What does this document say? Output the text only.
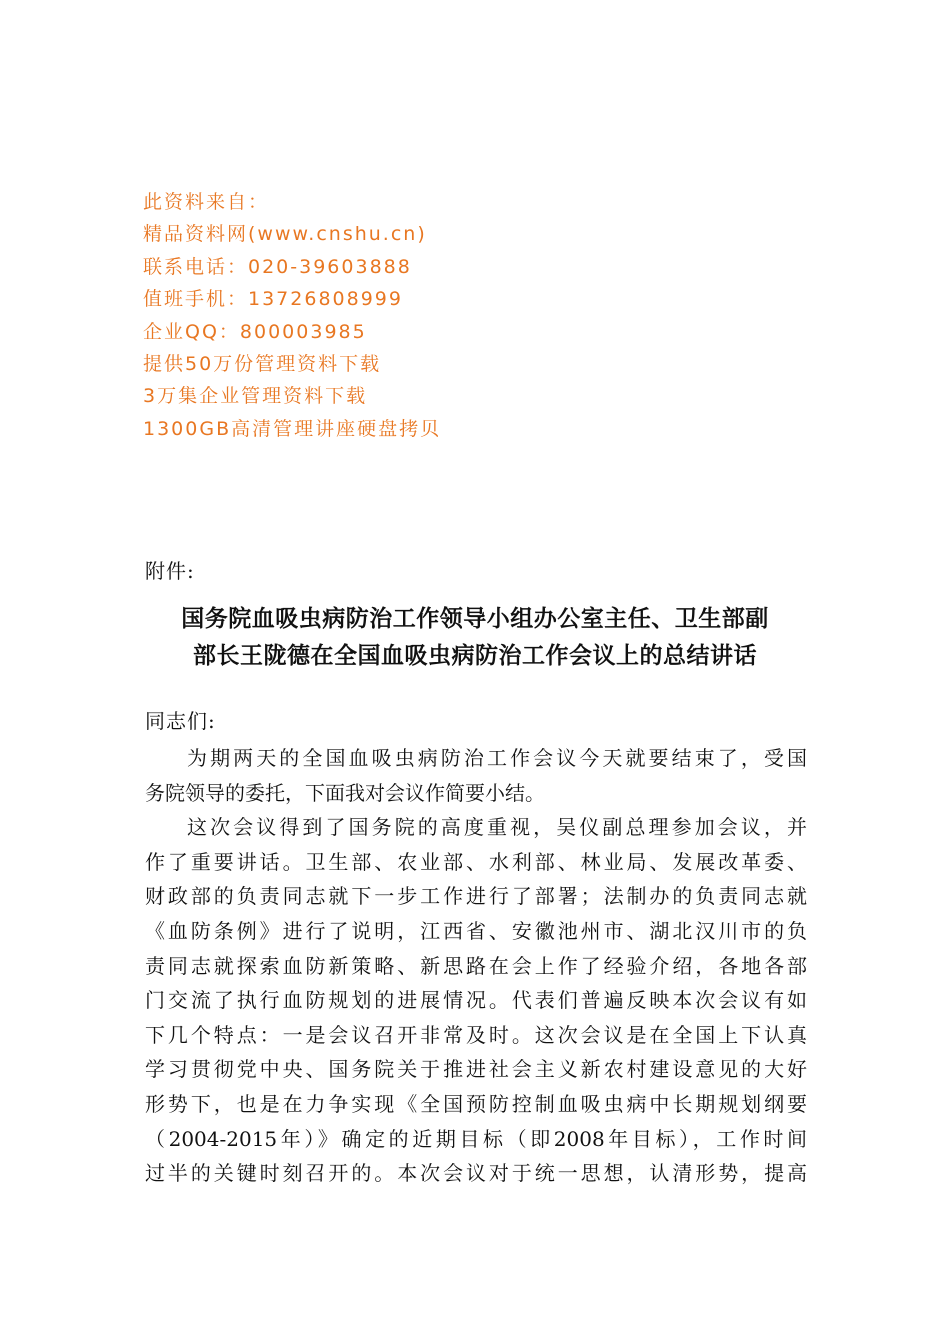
此资料来自：
精品资料网(www.cnshu.cn)
联系电话：020-39603888
值班手机：13726808999
企业QQ：800003985
提供50万份管理资料下载
3万集企业管理资料下载
1300GB高清管理讲座硬盘拷贝
附件:
国务院血吸虫病防治工作领导小组办公室主任、卫生部副
部长王陇德在全国血吸虫病防治工作会议上的总结讲话
同志们:
为期两天的全国血吸虫病防治工作会议今天就要结束了，受国
务院领导的委托，下面我对会议作简要小结。
这次会议得到了国务院的高度重视，吴仪副总理参加会议，并
作了重要讲话。卫生部、农业部、水利部、林业局、发展改革委、
财政部的负责同志就下一步工作进行了部署；法制办的负责同志就
《血防条例》进行了说明，江西省、安徽池州市、湖北汉川市的负
责同志就探索血防新策略、新思路在会上作了经验介绍，各地各部
门交流了执行血防规划的进展情况。代表们普遍反映本次会议有如
下几个特点：一是会议召开非常及时。这次会议是在全国上下认真
学习贯彻党中央、国务院关于推进社会主义新农村建设意见的大好
形势下，也是在力争实现《全国预防控制血吸虫病中长期规划纲要
（2004-2015年）》确定的近期目标（即2008年目标），工作时间
过半的关键时刻召开的。本次会议对于统一思想，认清形势，提高
